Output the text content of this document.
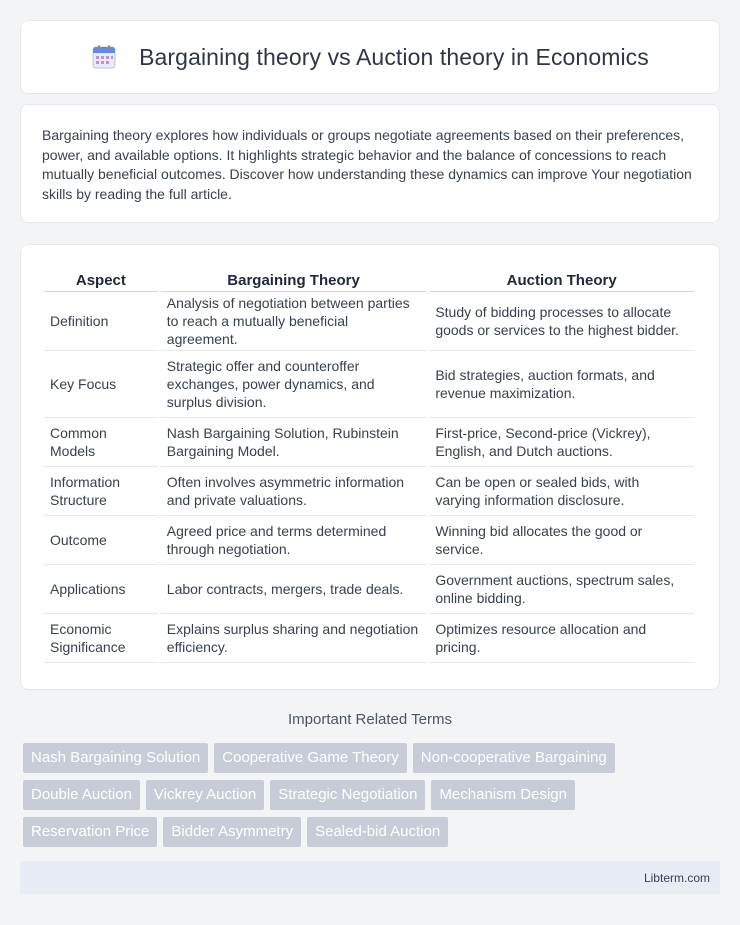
Bargaining theory vs Auction theory in Economics

Bargaining theory explores how individuals or groups negotiate agreements based on their preferences, power, and available options. It highlights strategic behavior and the balance of concessions to reach mutually beneficial outcomes. Discover how understanding these dynamics can improve Your negotiation skills by reading the full article.

Aspect	Bargaining Theory	Auction Theory
Definition	Analysis of negotiation between parties to reach a mutually beneficial agreement.	Study of bidding processes to allocate goods or services to the highest bidder.
Key Focus	Strategic offer and counteroffer exchanges, power dynamics, and surplus division.	Bid strategies, auction formats, and revenue maximization.
Common Models	Nash Bargaining Solution, Rubinstein Bargaining Model.	First-price, Second-price (Vickrey), English, and Dutch auctions.
Information Structure	Often involves asymmetric information and private valuations.	Can be open or sealed bids, with varying information disclosure.
Outcome	Agreed price and terms determined through negotiation.	Winning bid allocates the good or service.
Applications	Labor contracts, mergers, trade deals.	Government auctions, spectrum sales, online bidding.
Economic Significance	Explains surplus sharing and negotiation efficiency.	Optimizes resource allocation and pricing.
Important Related Terms
Nash Bargaining Solution	Cooperative Game Theory	Non-cooperative Bargaining
Double Auction	Vickrey Auction	Strategic Negotiation	Mechanism Design
Reservation Price	Bidder Asymmetry	Sealed-bid Auction
Libterm.com
